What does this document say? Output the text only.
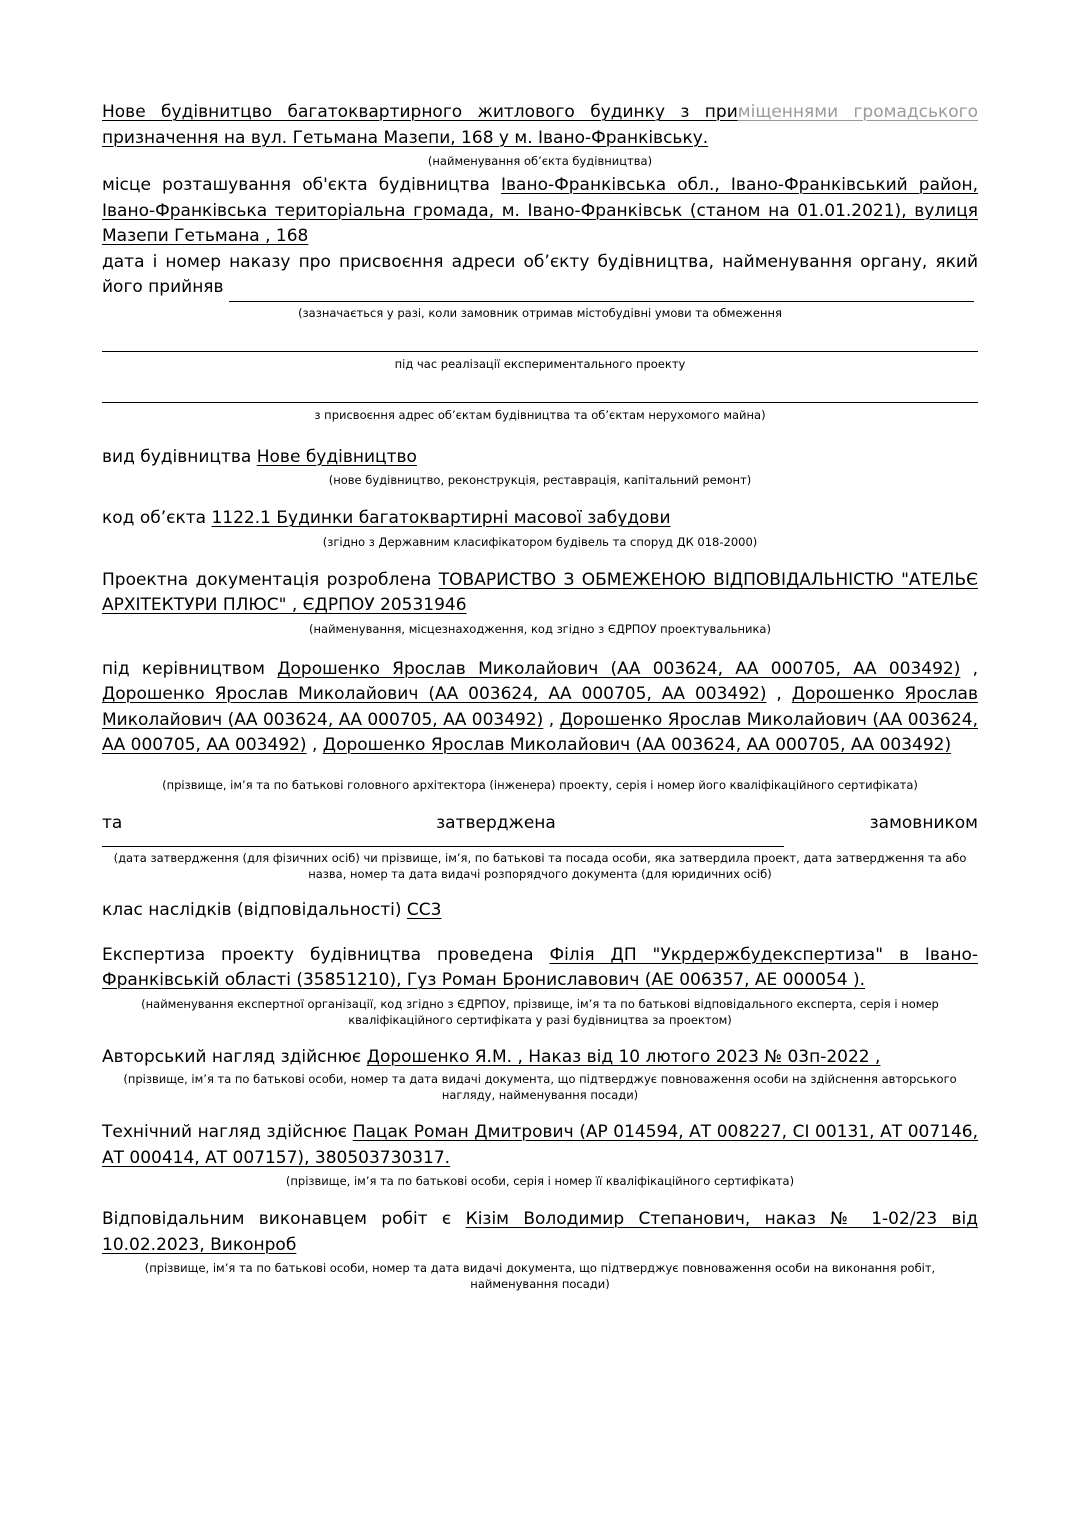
Нове будівнитцво багатоквартирного житлового будинку з приміщеннями громадського призначення на вул. Гетьмана Мазепи, 168 у м. Івано-Франківську.

(найменування об’єкта будівництва)

місце розташування об'єкта будівництва Івано-Франківська обл., Івано-Франківський район, Івано-Франківська територіальна громада, м. Івано-Франківськ (станом на 01.01.2021), вулиця Мазепи Гетьмана , 168

дата і номер наказу про присвоєння адреси об’єкту будівництва, найменування органу, який його прийняв

(зазначається у разі, коли замовник отримав містобудівні умови та обмеження

під час реалізації експериментального проекту

з присвоєння адрес об’єктам будівництва та об’єктам нерухомого майна)

вид будівництва Нове будівництво

(нове будівництво, реконструкція, реставрація, капітальний ремонт)

код об’єкта 1122.1 Будинки багатоквартирні масової забудови

(згідно з Державним класифікатором будівель та споруд ДК 018-2000)

Проектна документація розроблена ТОВАРИСТВО З ОБМЕЖЕНОЮ ВІДПОВІДАЛЬНІСТЮ "АТЕЛЬЄ АРХІТЕКТУРИ ПЛЮС" , ЄДРПОУ 20531946

(найменування, місцезнаходження, код згідно з ЄДРПОУ проектувальника)

під керівництвом Дорошенко Ярослав Миколайович (АА 003624, АА 000705, АА 003492) , Дорошенко Ярослав Миколайович (АА 003624, АА 000705, АА 003492) , Дорошенко Ярослав Миколайович (АА 003624, АА 000705, АА 003492) , Дорошенко Ярослав Миколайович (АА 003624, АА 000705, АА 003492) , Дорошенко Ярослав Миколайович (АА 003624, АА 000705, АА 003492)

(прізвище, ім’я та по батькові головного архітектора (інженера) проекту, серія і номер його кваліфікаційного сертифіката)

та	затверджена	замовником

(дата затвердження (для фізичних осіб) чи прізвище, ім’я, по батькові та посада особи, яка затвердила проект, дата затвердження та або назва, номер та дата видачі розпорядчого документа (для юридичних осіб)

клас наслідків (відповідальності) СС3

Експертиза проекту будівництва проведена Філія ДП "Укрдержбудекспертиза" в Івано-Франківській області (35851210), Гуз Роман Брониславович (АЕ 006357, АЕ 000054 ).

(найменування експертної організації, код згідно з ЄДРПОУ, прізвище, ім’я та по батькові відповідального експерта, серія і номер кваліфікаційного сертифіката у разі будівництва за проектом)

Авторський нагляд здійснює Дорошенко Я.М. , Наказ від 10 лютого 2023 № 03п-2022 ,

(прізвище, ім’я та по батькові особи, номер та дата видачі документа, що підтверджує повноваження особи на здійснення авторського нагляду, найменування посади)

Технічний нагляд здійснює Пацак Роман Дмитрович (АР 014594, АТ 008227, СІ 00131, АТ 007146, АТ 000414, АТ 007157), 380503730317.

(прізвище, ім’я та по батькові особи, серія і номер її кваліфікаційного сертифіката)

Відповідальним виконавцем робіт є Кізім Володимир Степанович, наказ № 1-02/23 від 10.02.2023, Виконроб

(прізвище, ім’я та по батькові особи, номер та дата видачі документа, що підтверджує повноваження особи на виконання робіт, найменування посади)
